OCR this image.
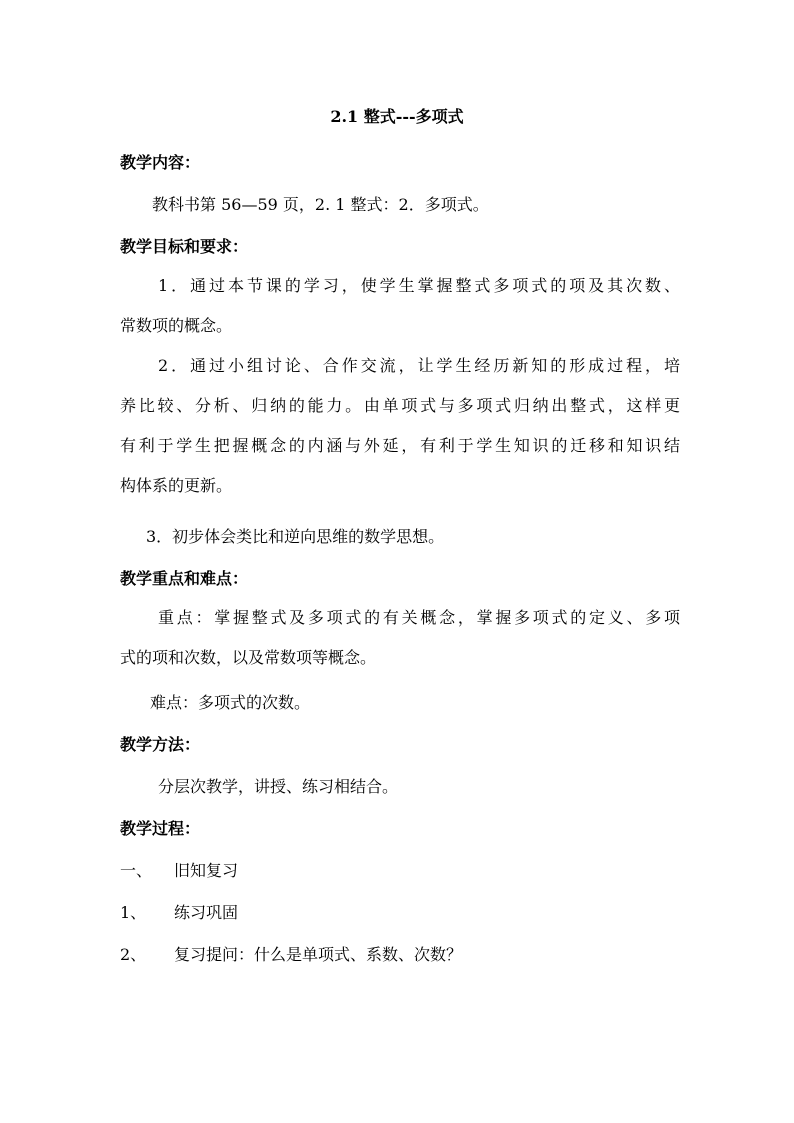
2.1 整式---多项式
教学内容：
教科书第 56—59 页，2. 1 整式：2．多项式。
教学目标和要求：
1．通过本节课的学习，使学生掌握整式多项式的项及其次数、
常数项的概念。
2．通过小组讨论、合作交流，让学生经历新知的形成过程，培
养比较、分析、归纳的能力。由单项式与多项式归纳出整式，这样更
有利于学生把握概念的内涵与外延，有利于学生知识的迁移和知识结
构体系的更新。
3．初步体会类比和逆向思维的数学思想。
教学重点和难点：
重点：掌握整式及多项式的有关概念，掌握多项式的定义、多项
式的项和次数，以及常数项等概念。
难点：多项式的次数。
教学方法：
分层次教学，讲授、练习相结合。
教学过程：
一、 旧知复习
1、 练习巩固
2、 复习提问：什么是单项式、系数、次数？
